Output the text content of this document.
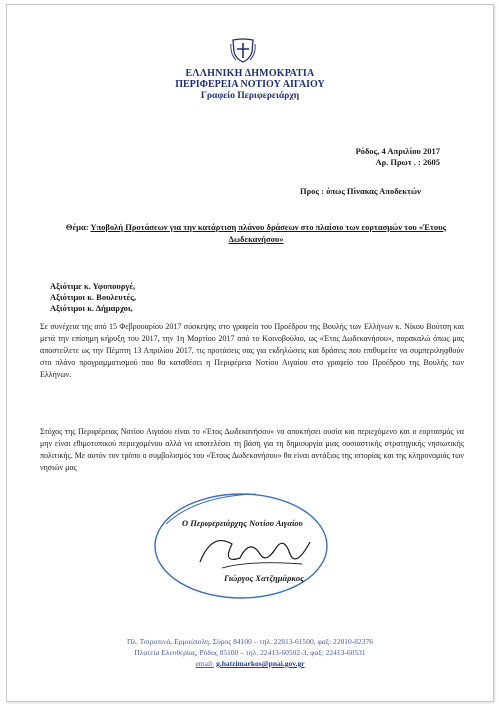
ΕΛΛΗΝΙΚΗ ΔΗΜΟΚΡΑΤΙΑ
ΠΕΡΙΦΕΡΕΙΑ ΝΟΤΙΟΥ ΑΙΓΑΙΟΥ
Γραφείο Περιφερειάρχη
Ρόδος, 4 Απριλίου 2017
Αρ. Πρωτ . : 2605
Προς : όπως Πίνακας Αποδεκτών
Θέμα: Υποβολή Προτάσεων για την κατάρτιση πλάνου δράσεων στο πλαίσιο των εορτασμών του «Έτους Δωδεκανήσου»
Αξιότιμε κ. Υφυπουργέ,
Αξιότιμοι κ. Βουλευτές,
Αξιότιμοι κ. Δήμαρχοι,
Σε συνέχεια της από 15 Φεβρουαρίου 2017 σύσκεψης στο γραφείο του Προέδρου της Βουλής των Ελλήνων κ. Νίκου Βούτση και μετά την επίσημη κήρυξη του 2017, την 1η Μαρτίου 2017 από το Κοινοβούλιο, ως «Έτος Δωδεκανήσου», παρακαλώ όπως μας αποστείλετε ως την Πέμπτη 13 Απριλίου 2017, τις προτάσεις σας για εκδηλώσεις και δράσεις που επιθυμείτε να συμπεριληφθούν στο πλάνο προγραμματισμού που θα καταθέσει η Περιφέρεια Νοτίου Αιγαίου στο γραφείο του Προέδρου της Βουλής των Ελλήνων.
Στόχος της Περιφέρειας Νοτίου Αιγαίου είναι το «Έτος Δωδεκανήσου» να αποκτήσει ουσία και περιεχόμενο και ο εορτασμός να μην είναι εθιμοτυπικού περιεχομένου αλλά να αποτελέσει τη βάση για τη δημιουργία μιας ουσιαστικής στρατηγικής νησιωτικής πολιτικής. Με αυτόν τον τρόπο ο συμβολισμός του «Έτους Δωδεκανήσου» θα είναι αντάξιος της ιστορίας και της κληρονομιάς των νησιών μας
Ο Περιφερειάρχης Νοτίου Αιγαίου
Γιώργος Χατζημάρκος
Πλ. Τσιροπινά, Ερμούπολη, Σύρος 84100 – τηλ. 22813-61500, φαξ: 22810-82376
Πλατεία Ελευθερίας, Ρόδος 85100 – τηλ. 22413-60502-3, φαξ: 22413-60531
email: g.hatzimarkos@pnai.gov.gr
